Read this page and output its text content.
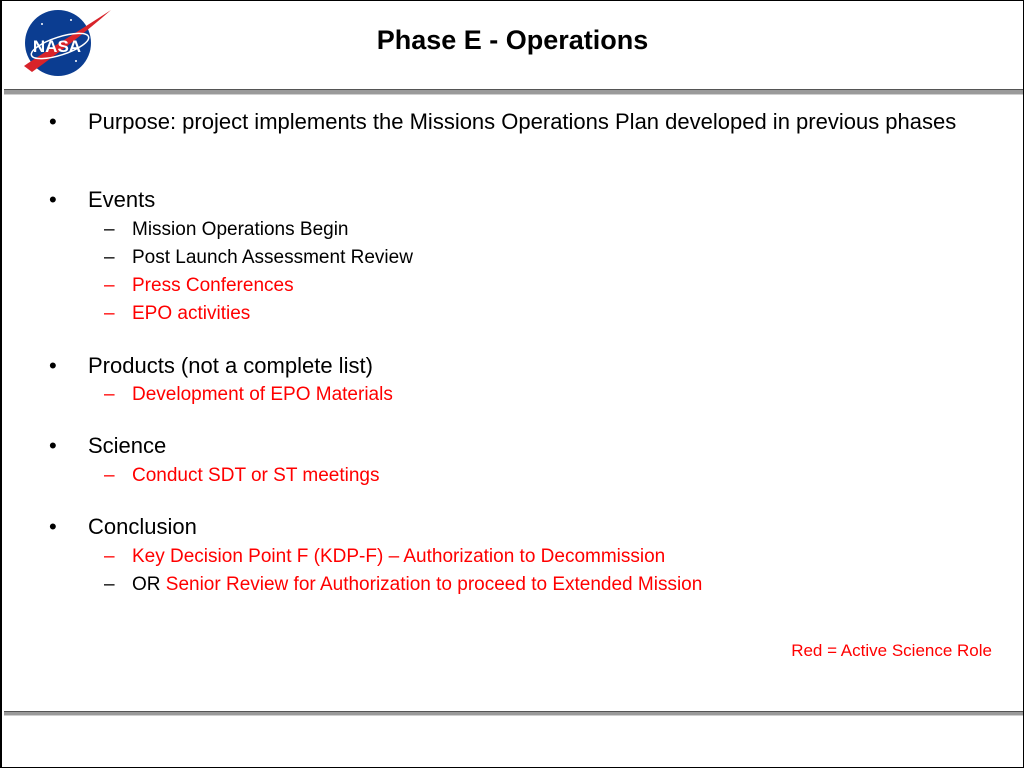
NASA	Phase E - Operations
• Purpose: project implements the Missions Operations Plan developed in previous phases
• Events
– Mission Operations Begin
– Post Launch Assessment Review
– Press Conferences
– EPO activities
• Products (not a complete list)
– Development of EPO Materials
• Science
– Conduct SDT or ST meetings
• Conclusion
– Key Decision Point F (KDP-F) – Authorization to Decommission
– OR Senior Review for Authorization to proceed to Extended Mission
Red = Active Science Role
